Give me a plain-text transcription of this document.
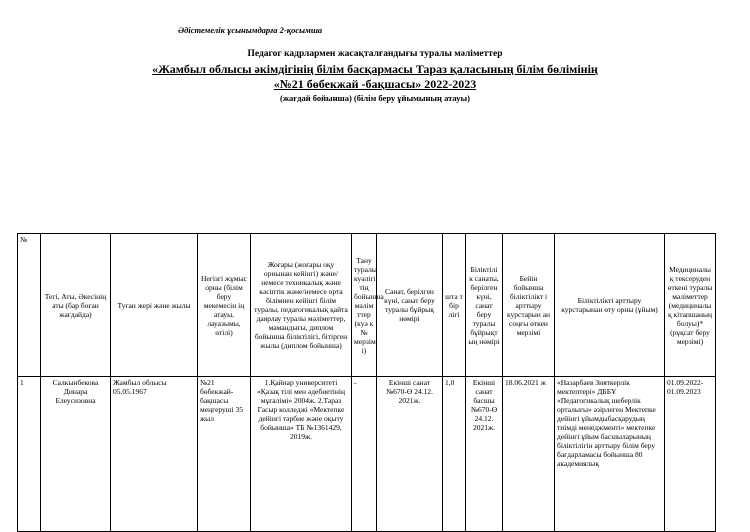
Әдістемелік ұсынымдарға 2-қосымша
Педагог кадрлармен жасақталғандығы туралы мәліметтер
«Жамбыл облысы әкімдігінің білім басқармасы Тараз қаласының білім бөлімінің
«№21 бөбекжай -бақшасы» 2022-2023
(жағдай бойынша) (білім беру ұйымының атауы)
№	Тегі, Аты, Әкесінің аты (бар боған жағдайда)	Туған жері және жылы	Негізгі жұмыс орны (білім беру мекемесін ің атауы, лауазымы, өтілі)	Жоғары (жоғары оқу орнынан кейінгі) және/немесе техникалық және кәсіптік және/немесе орта білімнен кейінгі білім туралы, педагогикалық қайта даярлау туралы мәліметтер, мамандығы, диплом бойынша біліктілігі, бітірген жылы (диплом бойынша)	Тану туралы куәлігі тің бойынша мәлім ттер (куә к № мерзім і)	Санат, берілген күні, санат беру туралы бұйрық нөмірі	шта т бір лігі	Біліктілі к санаты, берілген күні, санат беру туралы бұйрықт ың нөмірі	Бейін бойынша біліктілікт і арттыру курстарын ан соңғы өткен мерзімі	Біліктілікті арттыру курстарынан өту орны (ұйым)	Медициналы қ тексеруден өткені туралы мәліметтер (медициналы қ кітапшаның болуы)* (рұқсат беру мерзімі)
1	Салкынбекова Динара Елеусизовна	Жамбыл облысы 05.05.1967	№21 бөбекжай-бақшасы меңгеруші 35 жыл	1.Қайнар университеті «Қазақ тілі мен әдебиетінің мұғалімі» 2004ж. 2.Тараз Гасыр колледжі «Мектепке дейінгі тәрбие және оқыту бойынша» ТБ №1361429, 2019ж.	-	Екінші санат №670-Ө 24.12. 2021ж.	1,0	Екінші санат басшы №670-Ө 24.12. 2021ж.	18.06.2021 ж	«Назарбаев Зияткерлік мектептері» ДББҰ «Педагогикалық шеберлік орталығы» әзірлеген Мектепке дейінгі ұйымдыбасқарудың тиімді менеджменті» мектепке дейінгі ұйым басшыларының біліктілігін арттыру білім беру бағдарламасы бойынша 80 академиялық	01.09.2022-01.09.2023
